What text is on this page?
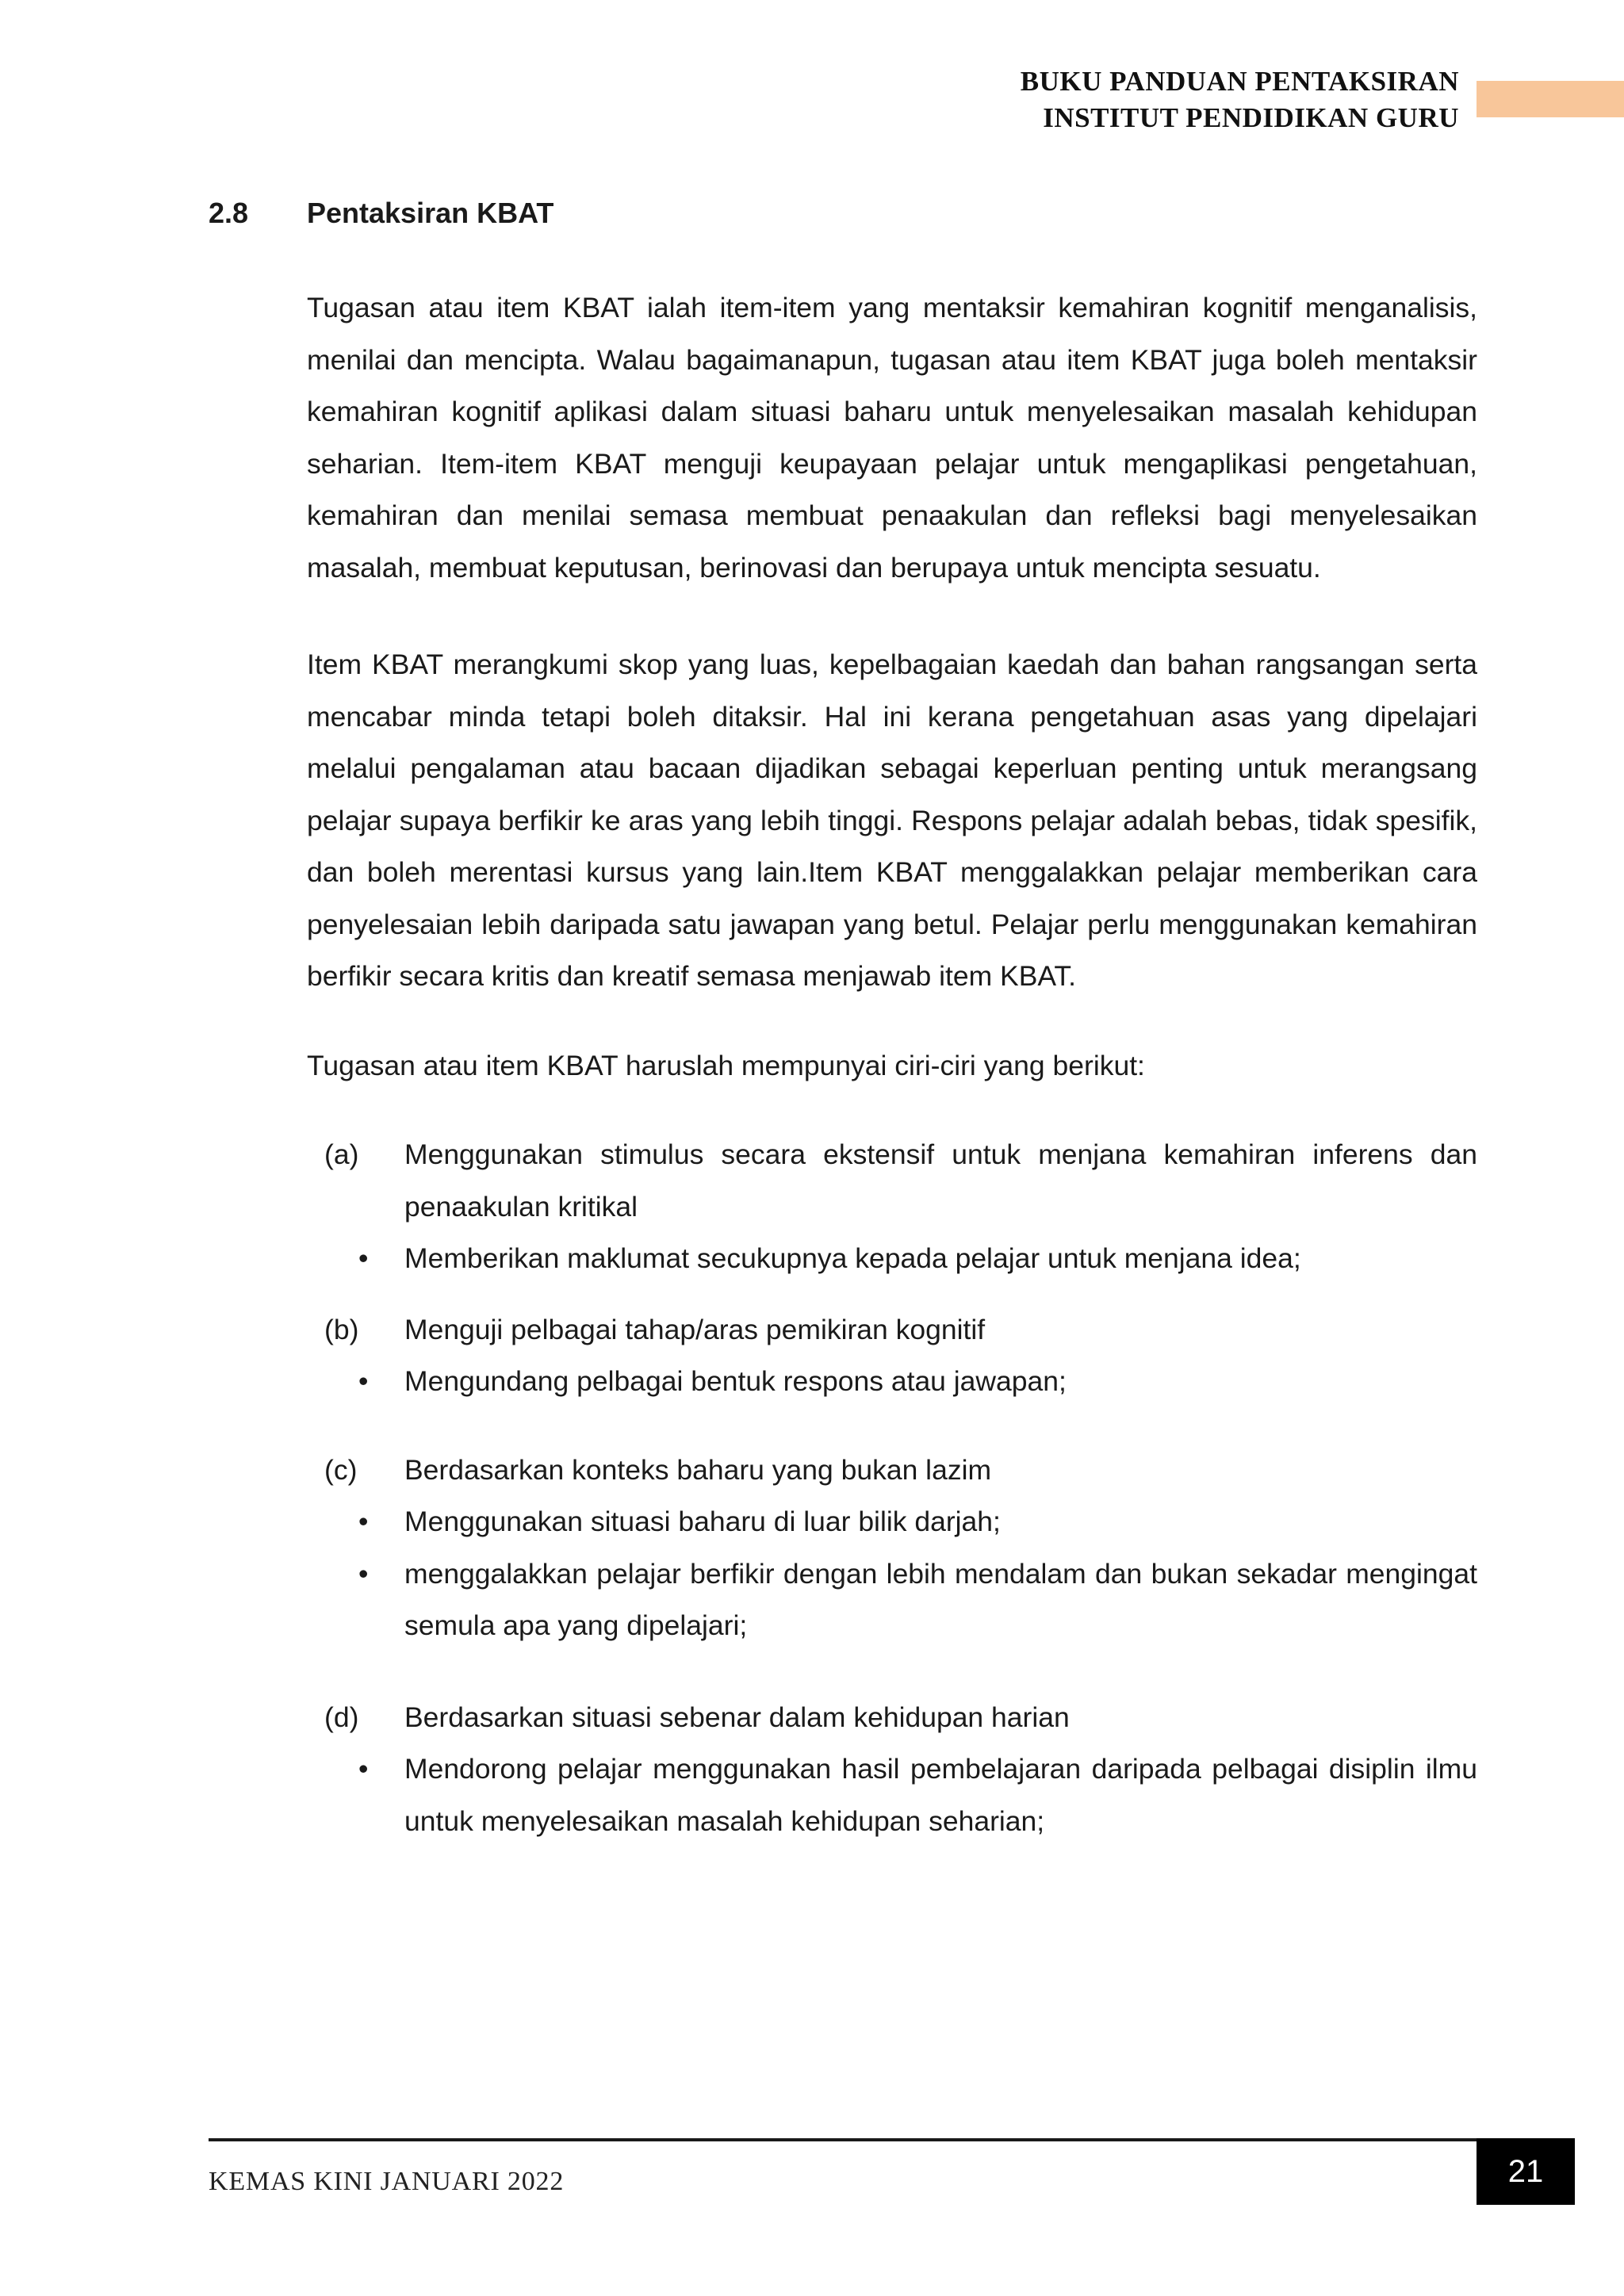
BUKU PANDUAN PENTAKSIRAN
INSTITUT PENDIDIKAN GURU
2.8 Pentaksiran KBAT

Tugasan atau item KBAT ialah item-item yang mentaksir kemahiran kognitif menganalisis, menilai dan mencipta. Walau bagaimanapun, tugasan atau item KBAT juga boleh mentaksir kemahiran kognitif aplikasi dalam situasi baharu untuk menyelesaikan masalah kehidupan seharian. Item-item KBAT menguji keupayaan pelajar untuk mengaplikasi pengetahuan, kemahiran dan menilai semasa membuat penaakulan dan refleksi bagi menyelesaikan masalah, membuat keputusan, berinovasi dan berupaya untuk mencipta sesuatu.

Item KBAT merangkumi skop yang luas, kepelbagaian kaedah dan bahan rangsangan serta mencabar minda tetapi boleh ditaksir. Hal ini kerana pengetahuan asas yang dipelajari melalui pengalaman atau bacaan dijadikan sebagai keperluan penting untuk merangsang pelajar supaya berfikir ke aras yang lebih tinggi. Respons pelajar adalah bebas, tidak spesifik, dan boleh merentasi kursus yang lain.Item KBAT menggalakkan pelajar memberikan cara penyelesaian lebih daripada satu jawapan yang betul. Pelajar perlu menggunakan kemahiran berfikir secara kritis dan kreatif semasa menjawab item KBAT.

Tugasan atau item KBAT haruslah mempunyai ciri-ciri yang berikut:

(a) Menggunakan stimulus secara ekstensif untuk menjana kemahiran inferens dan penaakulan kritikal
• Memberikan maklumat secukupnya kepada pelajar untuk menjana idea;
(b) Menguji pelbagai tahap/aras pemikiran kognitif
• Mengundang pelbagai bentuk respons atau jawapan;
(c) Berdasarkan konteks baharu yang bukan lazim
• Menggunakan situasi baharu di luar bilik darjah;
• menggalakkan pelajar berfikir dengan lebih mendalam dan bukan sekadar mengingat semula apa yang dipelajari;
(d) Berdasarkan situasi sebenar dalam kehidupan harian
• Mendorong pelajar menggunakan hasil pembelajaran daripada pelbagai disiplin ilmu untuk menyelesaikan masalah kehidupan seharian;
KEMAS KINI JANUARI 2022	21
